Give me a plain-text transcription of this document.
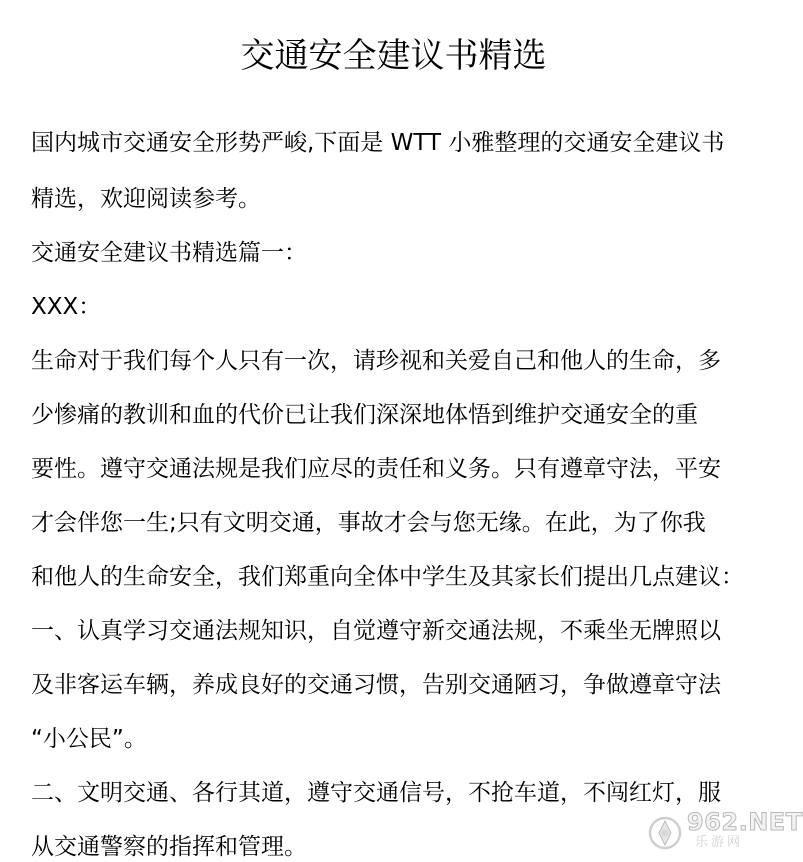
交通安全建议书精选
国内城市交通安全形势严峻,下面是 WTT 小雅整理的交通安全建议书
精选，欢迎阅读参考。
交通安全建议书精选篇一：
XXX：
生命对于我们每个人只有一次，请珍视和关爱自己和他人的生命，多
少惨痛的教训和血的代价已让我们深深地体悟到维护交通安全的重
要性。遵守交通法规是我们应尽的责任和义务。只有遵章守法，平安
才会伴您一生;只有文明交通，事故才会与您无缘。在此，为了你我
和他人的生命安全，我们郑重向全体中学生及其家长们提出几点建议：
一、认真学习交通法规知识，自觉遵守新交通法规，不乘坐无牌照以
及非客运车辆，养成良好的交通习惯，告别交通陋习，争做遵章守法
“小公民”。
二、文明交通、各行其道，遵守交通信号，不抢车道，不闯红灯，服
从交通警察的指挥和管理。
962.NET
乐游网
